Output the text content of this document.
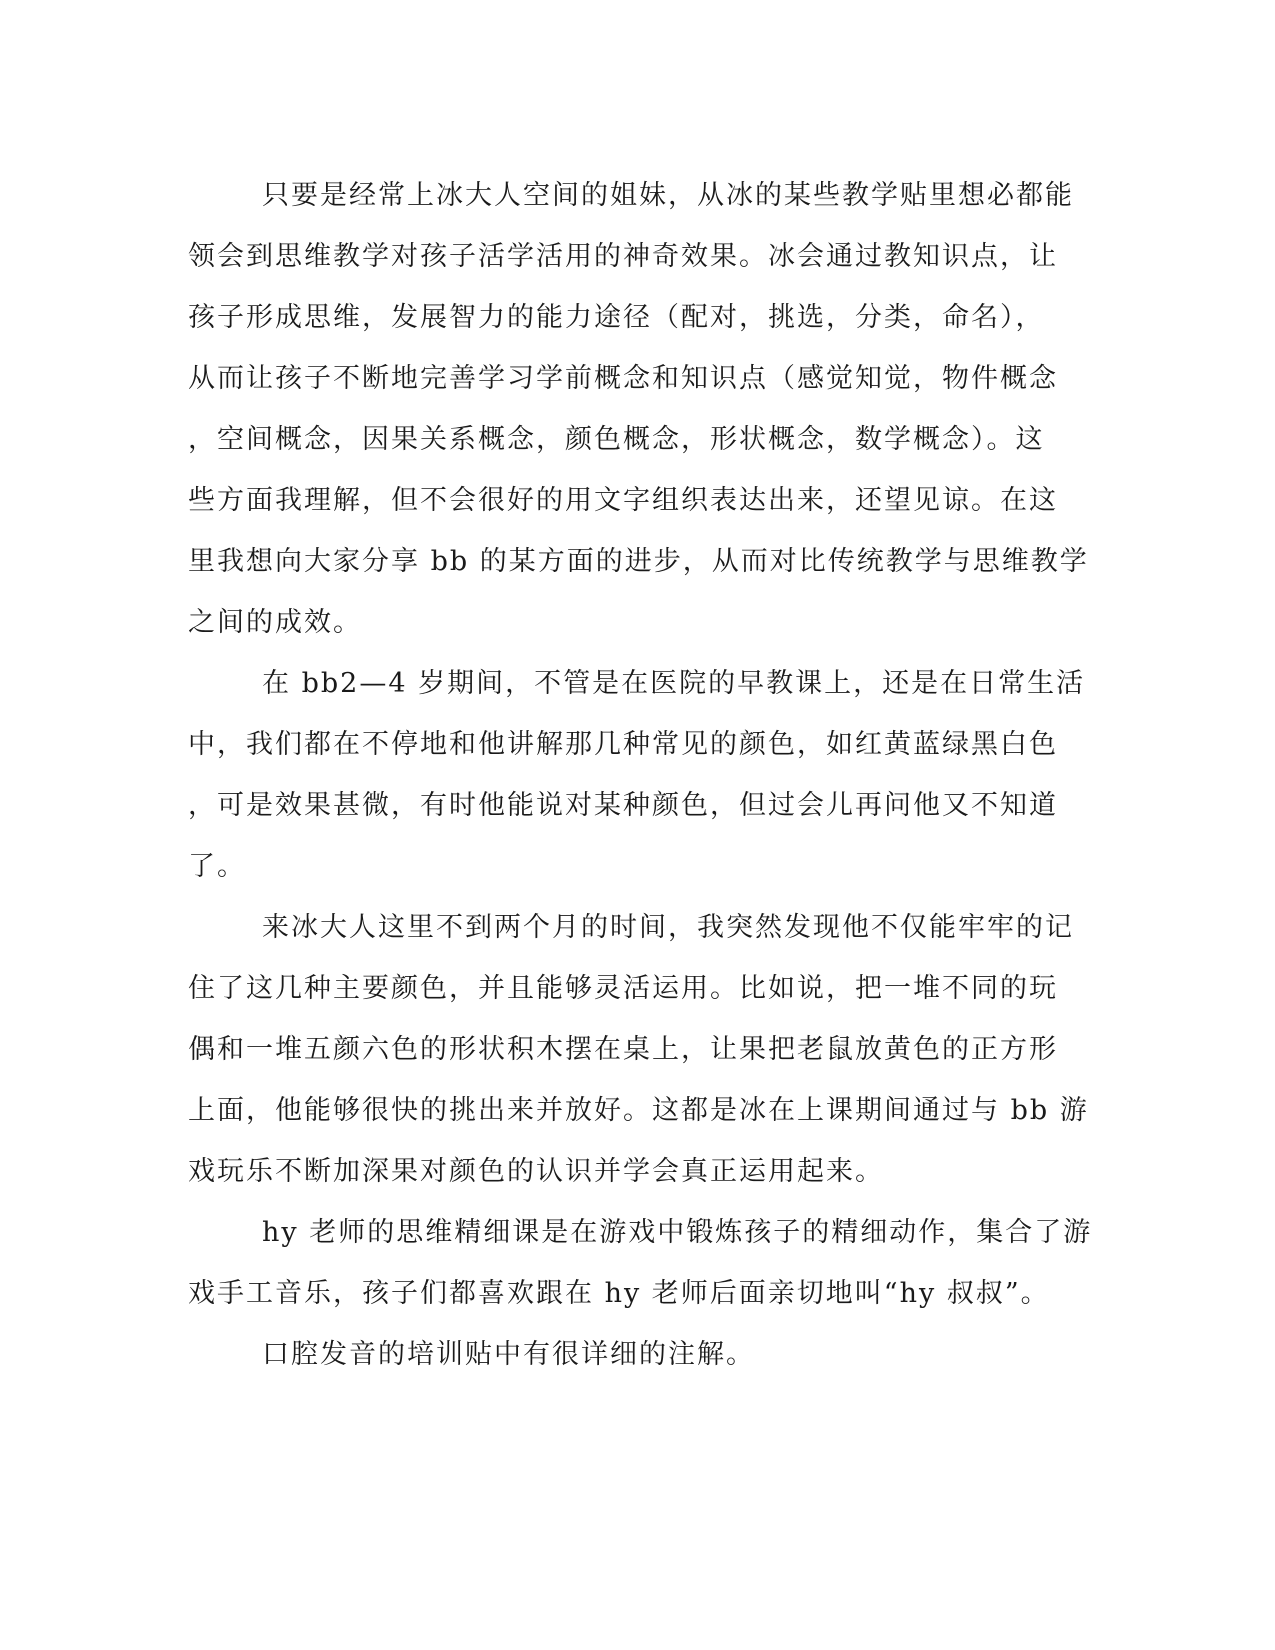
只要是经常上冰大人空间的姐妹，从冰的某些教学贴里想必都能
领会到思维教学对孩子活学活用的神奇效果。冰会通过教知识点，让
孩子形成思维，发展智力的能力途径（配对，挑选，分类，命名），
从而让孩子不断地完善学习学前概念和知识点（感觉知觉，物件概念
，空间概念，因果关系概念，颜色概念，形状概念，数学概念）。这
些方面我理解，但不会很好的用文字组织表达出来，还望见谅。在这
里我想向大家分享 bb 的某方面的进步，从而对比传统教学与思维教学
之间的成效。

在 bb2—4 岁期间，不管是在医院的早教课上，还是在日常生活
中，我们都在不停地和他讲解那几种常见的颜色，如红黄蓝绿黑白色
，可是效果甚微，有时他能说对某种颜色，但过会儿再问他又不知道
了。

来冰大人这里不到两个月的时间，我突然发现他不仅能牢牢的记
住了这几种主要颜色，并且能够灵活运用。比如说，把一堆不同的玩
偶和一堆五颜六色的形状积木摆在桌上，让果把老鼠放黄色的正方形
上面，他能够很快的挑出来并放好。这都是冰在上课期间通过与 bb 游
戏玩乐不断加深果对颜色的认识并学会真正运用起来。

hy 老师的思维精细课是在游戏中锻炼孩子的精细动作，集合了游
戏手工音乐，孩子们都喜欢跟在 hy 老师后面亲切地叫“hy 叔叔”。

口腔发音的培训贴中有很详细的注解。
